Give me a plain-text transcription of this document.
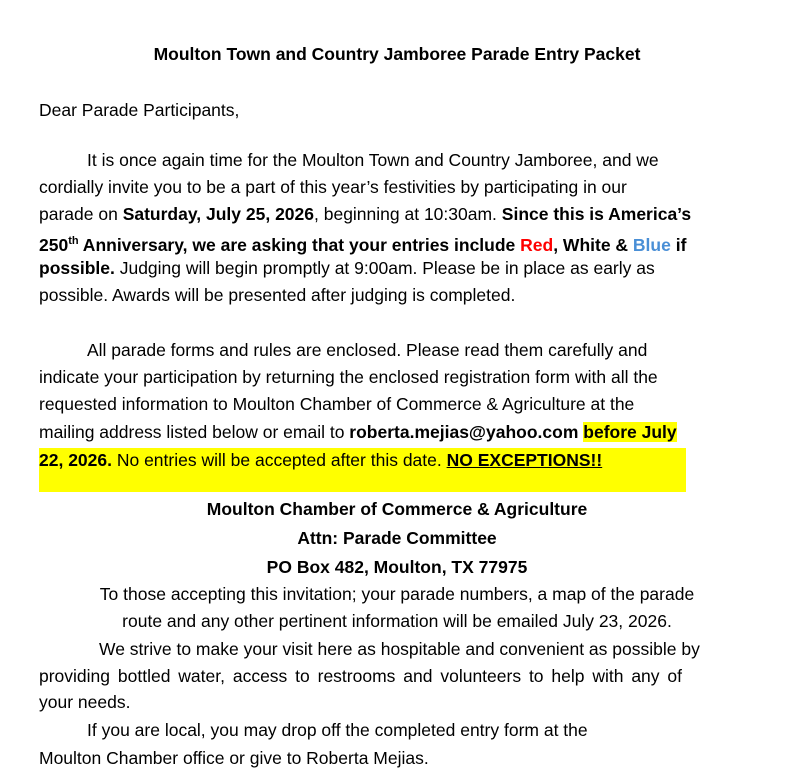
Moulton Town and Country Jamboree Parade Entry Packet
Dear Parade Participants,
It is once again time for the Moulton Town and Country Jamboree, and we
cordially invite you to be a part of this year’s festivities by participating in our
parade on Saturday, July 25, 2026, beginning at 10:30am. Since this is America’s
250th Anniversary, we are asking that your entries include Red, White & Blue if
possible. Judging will begin promptly at 9:00am. Please be in place as early as
possible. Awards will be presented after judging is completed.
All parade forms and rules are enclosed. Please read them carefully and
indicate your participation by returning the enclosed registration form with all the
requested information to Moulton Chamber of Commerce & Agriculture at the
mailing address listed below or email to roberta.mejias@yahoo.com before July
22, 2026. No entries will be accepted after this date. NO EXCEPTIONS!!
Moulton Chamber of Commerce & Agriculture
Attn: Parade Committee
PO Box 482, Moulton, TX 77975
To those accepting this invitation; your parade numbers, a map of the parade
route and any other pertinent information will be emailed July 23, 2026.
We strive to make your visit here as hospitable and convenient as possible by
providing bottled water, access to restrooms and volunteers to help with any of
your needs.
If you are local, you may drop off the completed entry form at the
Moulton Chamber office or give to Roberta Mejias.
